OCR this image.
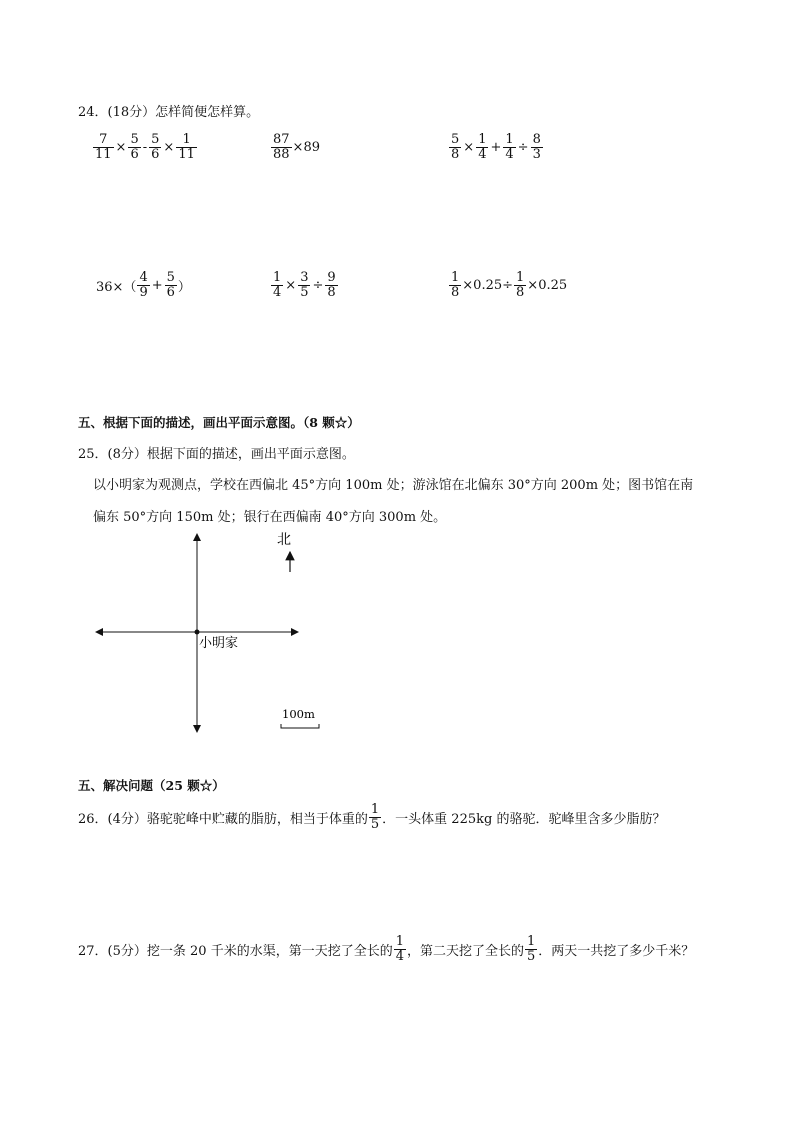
24．(18分）怎样简便怎样算。
$\frac{7}{11} \times \frac{5}{6} - \frac{5}{6} \times \frac{1}{11}$	$\frac{87}{88} \times 89$	$\frac{5}{8} \times \frac{1}{4} + \frac{1}{4} \div \frac{8}{3}$
$36\times( \frac{4}{9} + \frac{5}{6}$ ）	$\frac{1}{4} \times \frac{3}{5} \div \frac{9}{8}$	$\frac{1}{8} \times 0.25\div \frac{1}{8} \times 0.25$
五、根据下面的描述，画出平面示意图。（8 颗☆）
25．(8分）根据下面的描述，画出平面示意图。
以小明家为观测点，学校在西偏北 45°方向 100m 处；游泳馆在北偏东 30°方向 200m 处；图书馆在南
偏东 50°方向 150m 处；银行在西偏南 40°方向 300m 处。
北
小明家
100m
五、解决问题（25 颗☆）
26．(4分）骆驼驼峰中贮藏的脂肪，相当于体重的 $\frac{1}{5}$ ．一头体重 225kg 的骆驼．驼峰里含多少脂肪？
27．(5分）挖一条 20 千米的水渠，第一天挖了全长的 $\frac{1}{4}$ ，第二天挖了全长的 $\frac{1}{5}$ ．两天一共挖了多少千米？
